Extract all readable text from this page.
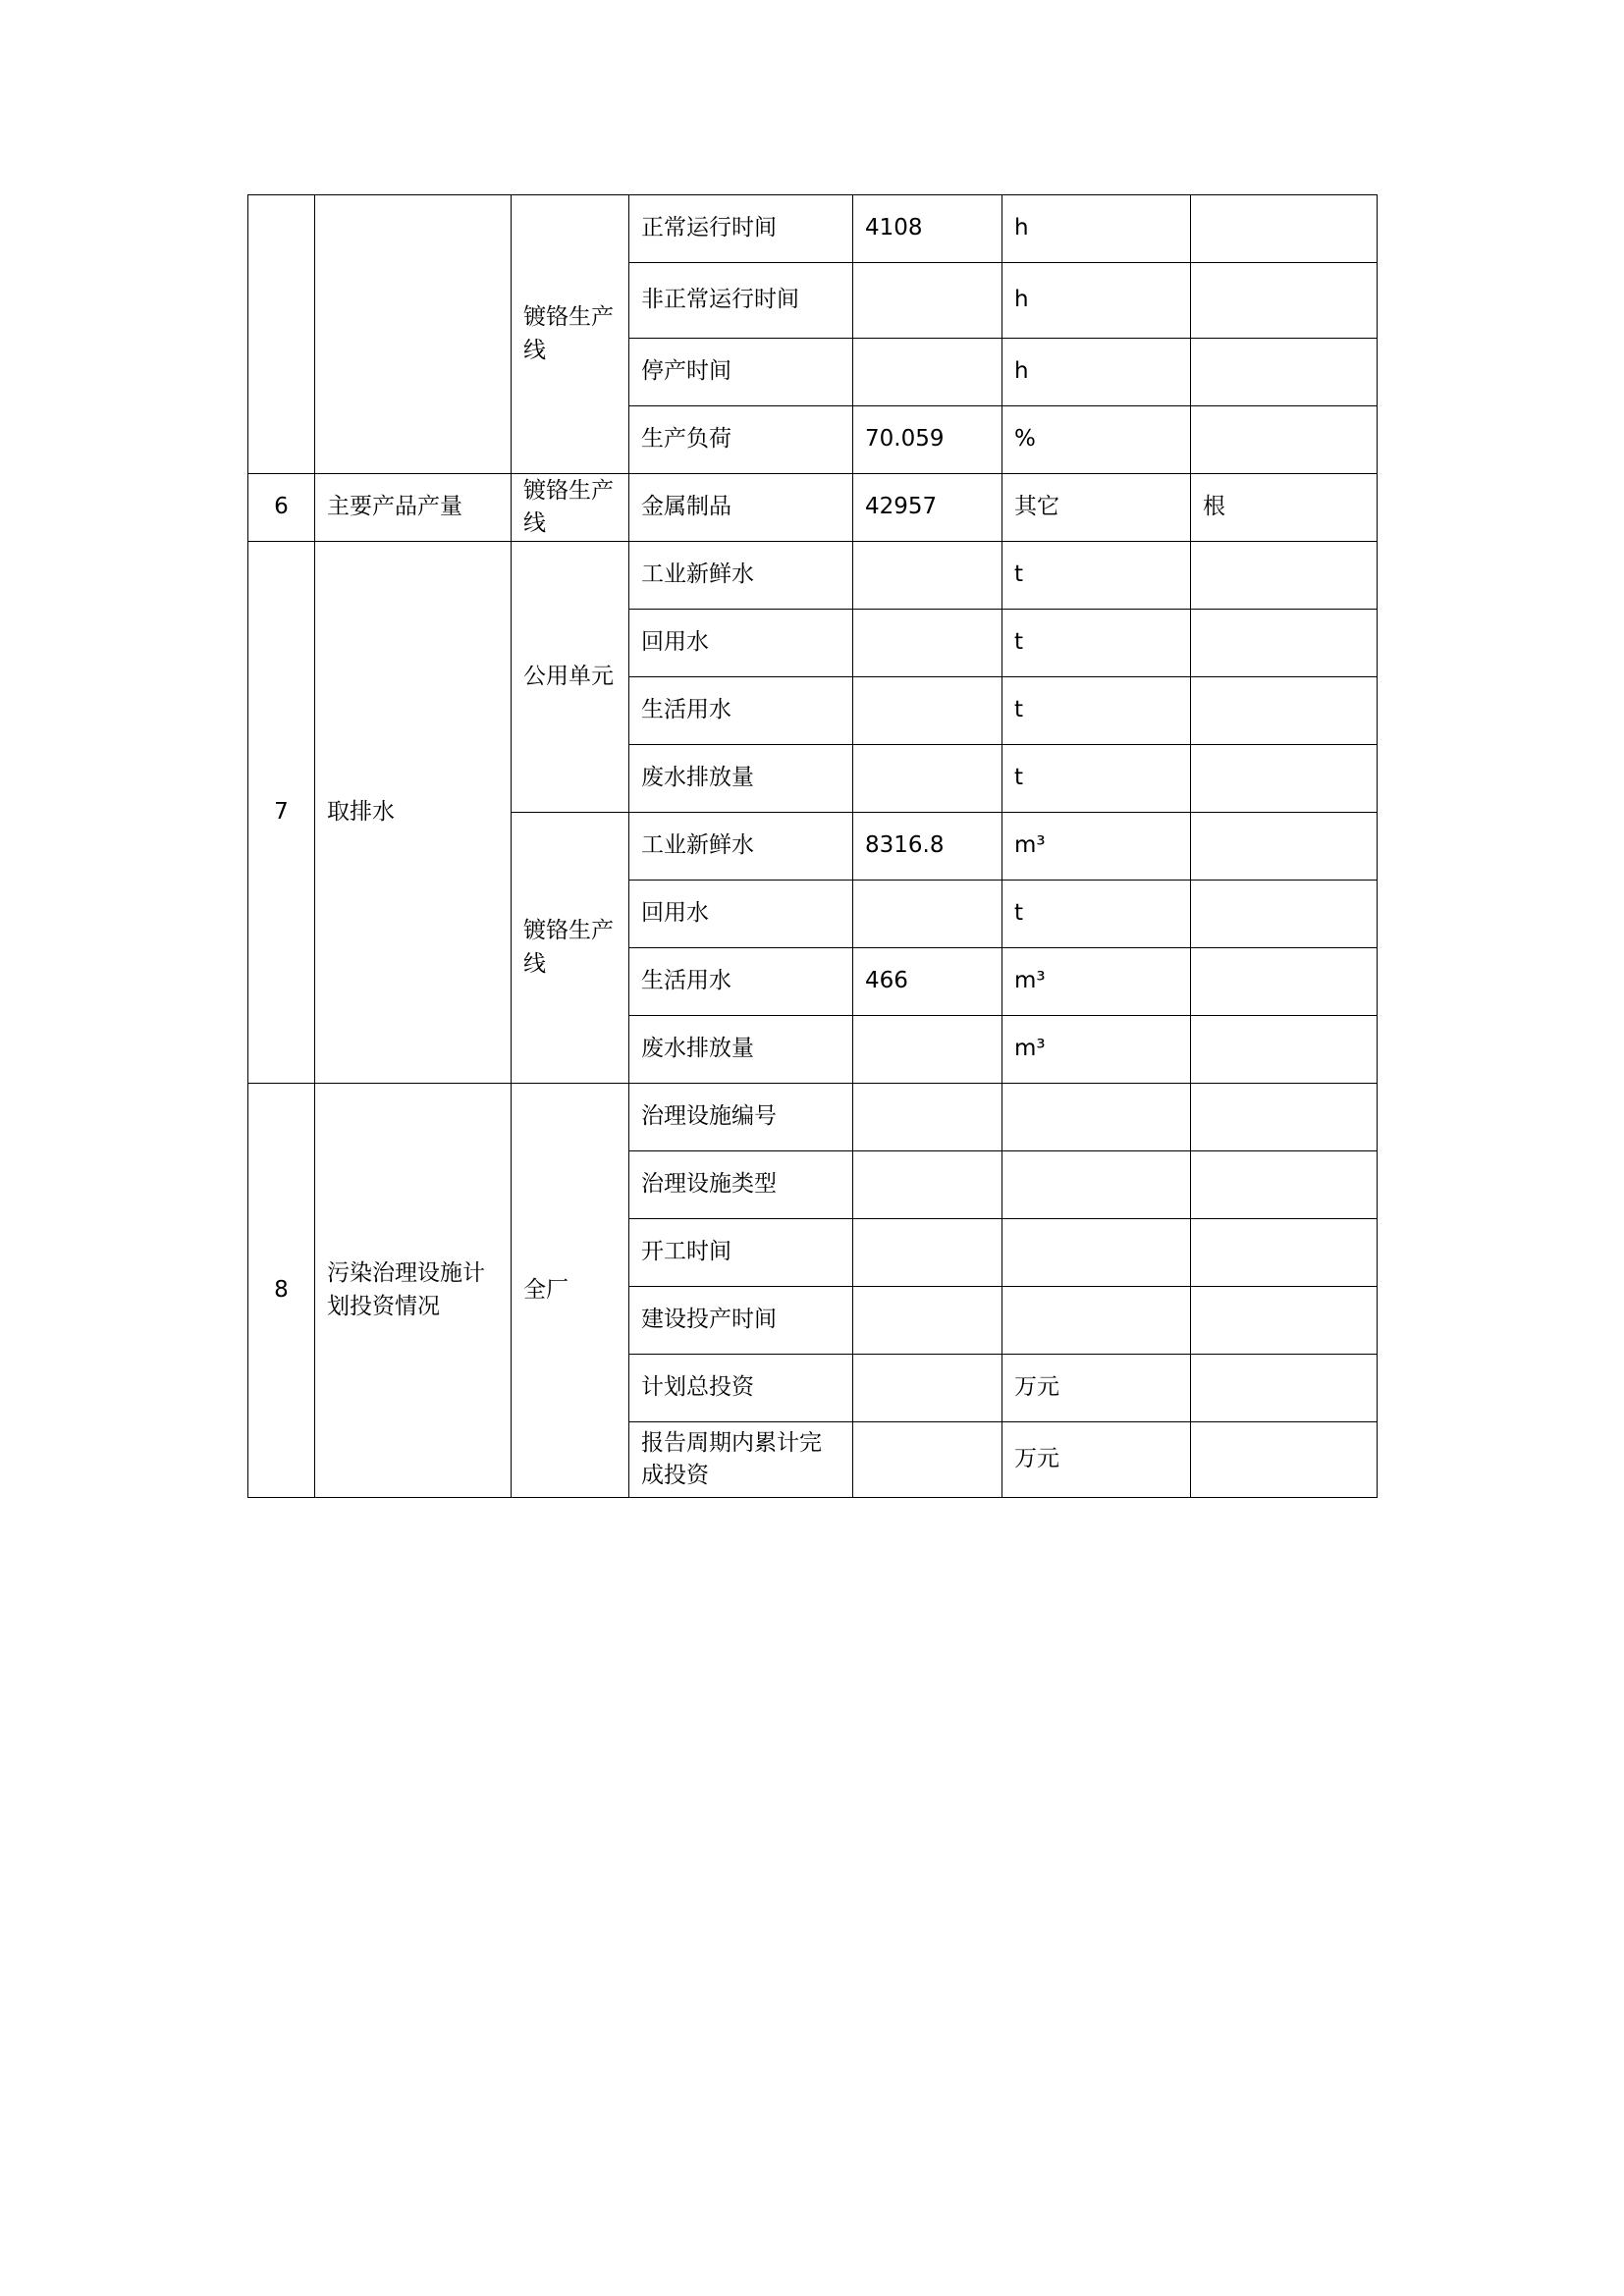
		镀铬生产线	正常运行时间	4108	h	
			非正常运行时间		h	
			停产时间		h	
			生产负荷	70.059	%	
6	主要产品产量	镀铬生产线	金属制品	42957	其它	根
7	取排水	公用单元	工业新鲜水		t	
			回用水		t	
			生活用水		t	
			废水排放量		t	
		镀铬生产线	工业新鲜水	8316.8	m³	
			回用水		t	
			生活用水	466	m³	
			废水排放量		m³	
8	污染治理设施计划投资情况	全厂	治理设施编号			
			治理设施类型			
			开工时间			
			建设投产时间			
			计划总投资		万元	
			报告周期内累计完成投资		万元	
